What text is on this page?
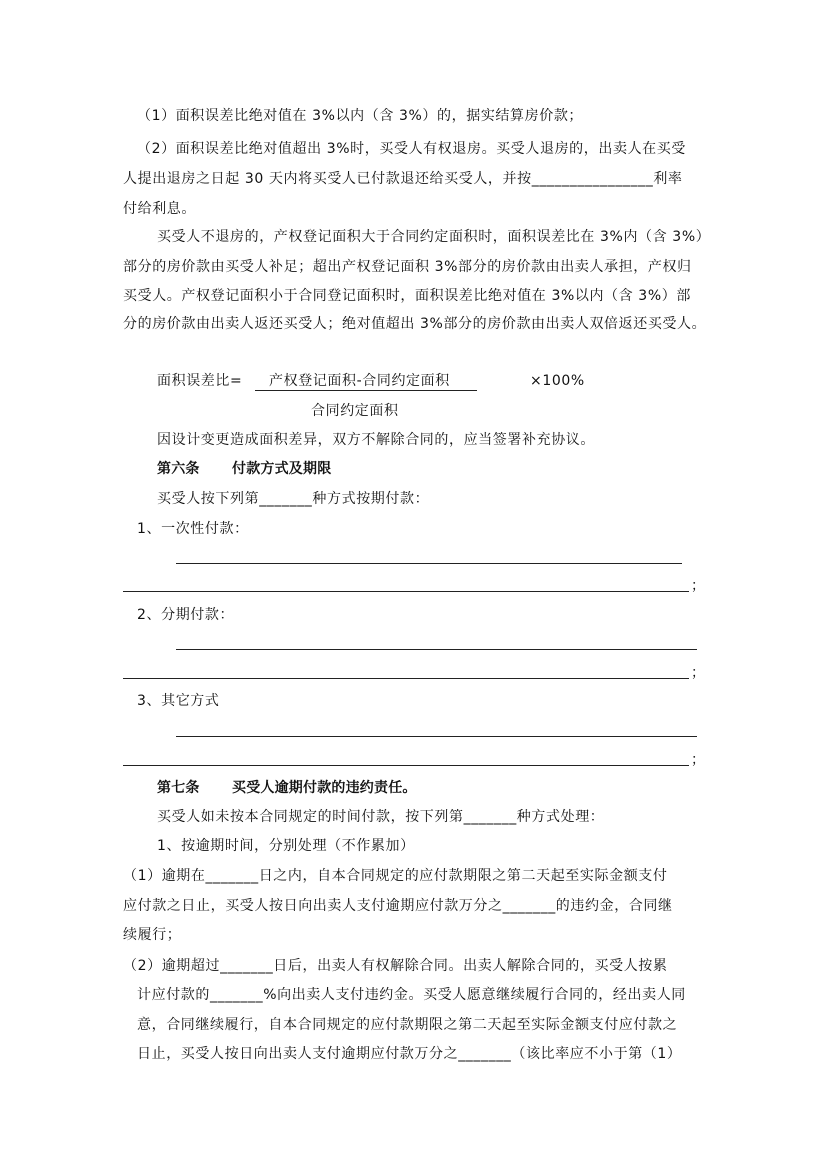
（1）面积误差比绝对值在 3%以内（含 3%）的，据实结算房价款；
（2）面积误差比绝对值超出 3%时，买受人有权退房。买受人退房的，出卖人在买受
人提出退房之日起 30 天内将买受人已付款退还给买受人，并按________________利率
付给利息。
买受人不退房的，产权登记面积大于合同约定面积时，面积误差比在 3%内（含 3%）
部分的房价款由买受人补足；超出产权登记面积 3%部分的房价款由出卖人承担，产权归
买受人。产权登记面积小于合同登记面积时，面积误差比绝对值在 3%以内（含 3%）部
分的房价款由出卖人返还买受人；绝对值超出 3%部分的房价款由出卖人双倍返还买受人。
面积误差比= 产权登记面积-合同约定面积	×100%
合同约定面积
因设计变更造成面积差异，双方不解除合同的，应当签署补充协议。
第六条 付款方式及期限
买受人按下列第_______种方式按期付款：
1、一次性付款：
；
2、分期付款：
；
3、其它方式
；
第七条 买受人逾期付款的违约责任。
买受人如未按本合同规定的时间付款，按下列第_______种方式处理：
1、按逾期时间，分别处理（不作累加）
（1）逾期在_______日之内，自本合同规定的应付款期限之第二天起至实际金额支付
应付款之日止，买受人按日向出卖人支付逾期应付款万分之_______的违约金，合同继
续履行；
（2）逾期超过_______日后，出卖人有权解除合同。出卖人解除合同的，买受人按累
计应付款的_______%向出卖人支付违约金。买受人愿意继续履行合同的，经出卖人同
意，合同继续履行，自本合同规定的应付款期限之第二天起至实际金额支付应付款之
日止，买受人按日向出卖人支付逾期应付款万分之_______（该比率应不小于第（1）
